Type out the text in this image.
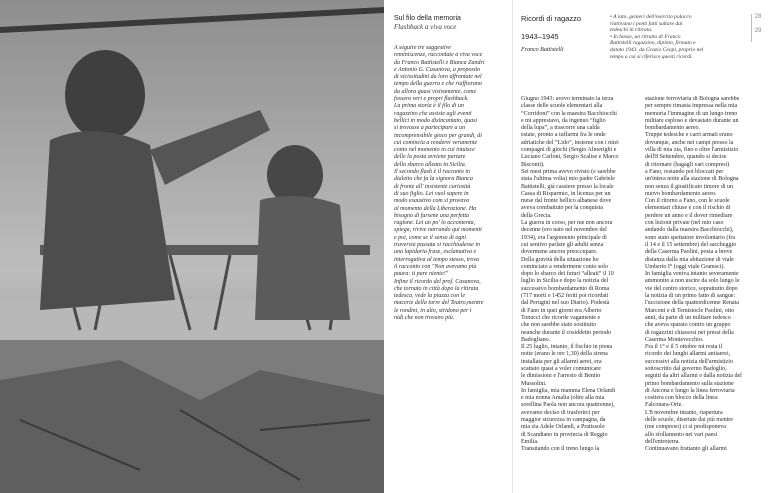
Sul filo della memoria
Flashback a viva voce
A seguire tre suggestive
reminiscenze, raccontate a viva voce
da Franco Battistelli e Bianca Zandri
e Antonio G. Casanova, a proposito
di vicissitudini da loro affrontate nel
tempo della guerra e che riaffiorano
da allora quasi visivamente, come
fossero veri e propri flashback.
La prima storia è il filo di un
ragazzino che assiste agli eventi
bellici in modo disincantato, quasi
si trovasse a partecipare a un
incomprensibile gioco per grandi, di
cui comincia a renderei veramente
conto nel momento in cui intuisce
delle la posta avviene partare
dello sbarco alleato in Sicilia.
Il secondo flash è il racconto in
dialetto che fa la signora Bianca
di fronte all' insistente curiosità
di suo figlio. Lei vuol sapere in
modo esaustivo com si provava
al momento della Liberazione. Ha
bisogno di farsene una perfetta
ragione. Lei un po' lo accontenta,
spiega, rivive narrando qui momenti
e poi, come se il senso di ogni
traversia passata si racchiudesse in
una lapidaria frase, esclamativa e
interrogativa al tempo stesso, trova
il racconto con "Non avevamo più
paura: ti pare niente!"
Infine il ricordo del prof. Casanova,
che tornato in città dopo la ritirata
tedesca, vede la piazza con le
macerie della torre del Teatro,mentre
le rondini, in alto, stridono per i
nidi che non trovano più.
Ricordi di ragazzo
1943–1945
Franco Battistelli
• A lato, genieri dell'esercito polacco
riattivano i ponti fatti saltare dai
tedeschi in ritirata.
• In basso, un ritratto di Franco
Battistelli ragazzino, dipinto, firmato e
datato 1943, da Grazio Ceopi, proprio nel
tempo a cui si riferisce questi ricordi.
28
29

Giugno 1943: avevo terminato la terza
classe delle scuole elementari alla
“Corridoni” con la maestra Bacchiocchi
e mi apprestavo, da ingenuo “figlio
della lupa”, a trascorre una calda
estate, pronto a tuffarmi fra le onde
adriatiche del “Lido”, insieme con i miei
compagni di giochi (Sergio Almerighi e
Luciano Carloni, Sergio Scalise e Marco
Bisconti).
Sei mesi prima avevo rivisto (e sarebbe
stata l'ultima volta) mio padre Gabriele
Battistelli, già cassiere presso la locale
Cassa di Risparmio, in licenza per un
mese dal fronte bellico albanese dove
aveva combattuto per la conquista
della Grecia.
La guerra in corso, per me non ancora
decenne (ero nato nel novembre del
1934), era l'argomento principale di
cui sentivo parlare gli adulti senza
dovermene ancora preoccupare.
Della gravità della situazione ho
cominciato a rendermene conto solo
dopo lo sbarco dei futuri “alleati” il 10
luglio in Sicilia e dopo la notizia del
successivo bombardamento di Roma
(717 morti e 1452 feriti poi ricordati
dal Perugini nel suo Diario). Podestà
di Fano in quei giorni era Alberto
Tonucci che ricorde vagamente e
che non sarebbe stato sostituito
neanche durante il cosiddetto periodo
Badogliano.
Il 25 luglio, intanto, il fischio in piena
notte (erano le ore 1,30) della sirena
installata per gli allarmi aerei, era
scattato quasi a voler comunicare
le dimissioni e l'arresto di Benito
Mussolini.
In famiglia, mia mamma Elena Orlandi
e mia nonna Amalia (oltre alla mia
sorellina Paola non ancora quattrenne),
avevamo deciso di trasferirci per
maggior sicurezza in campagna, da
mia zia Adele Orlandi, a Pratissolo
di Scandiano in provincia di Reggio
Emilia.
Transitando con il treno lungo la

stazione ferroviaria di Bologna sarebbe
per sempre rimasta impressa nella mia
memoria l'immagine di un lungo treno
militare esploso e devastato durante un
bombardamento aereo.
Truppe tedesche e carri armati erano
dovunque, anche nei campi presso la
villa di mia zia, fino e oltre l'armistizio
dell'8 Settembre, quando si decise
di ritornare (bagagli vari compresi)
a Fano, restando poi bloccati per
un'intera notte alla stazione di Bologna
non senza il giustificato timore di un
nuovo bombardamento aereo.
Con il ritorno a Fano, con le scuole
elementari chiuse e con il rischio di
perdere un anno e il dover rimediare
con lezioni private (nel mio caso
andando dalla maestra Bacchiocchi),
sono stato spettatore involontario (fra
il 14 e il 15 settembre) del saccheggio
della Caserma Paolini, posta a breve
distanza dalla mia abitazione di viale
Umberto I° (oggi viale Gramsci).
In famiglia veniva intanto severamente
ammonito a non uscire da solo lungo le
vie del centro storico, soprattutto dopo
la notizia di un primo fatto di sangue:
l'uccisione della quattordicenne Renata
Marconi e di Temistocle Paolini, otto
anni, da parte di un militare tedesco
che aveva sparato contro un gruppo
di ragazzini chiassosi nei pressi della
Caserma Montevecchio.
Fra il 1° e il 5 ottobre mi resta il
ricordo dei lunghi allarmi antiaerei,
successivi alla notizia dell'armistizio
sottoscritto dal governo Badoglio,
seguiti da altri allarmi e dalla notizia del
primo bombardamento sulla stazione
di Ancona e lungo la linea ferroviaria
costiera con blocco della linea
Falconara-Orte.
L'8 novembre intanto, riapertura
delle scuole, disertate dai più mentre
(me compreso) ci si predisponeva
allo sfollamento nei vari paesi
dell'entroterra.
Continuavano frattanto gli allarmi
